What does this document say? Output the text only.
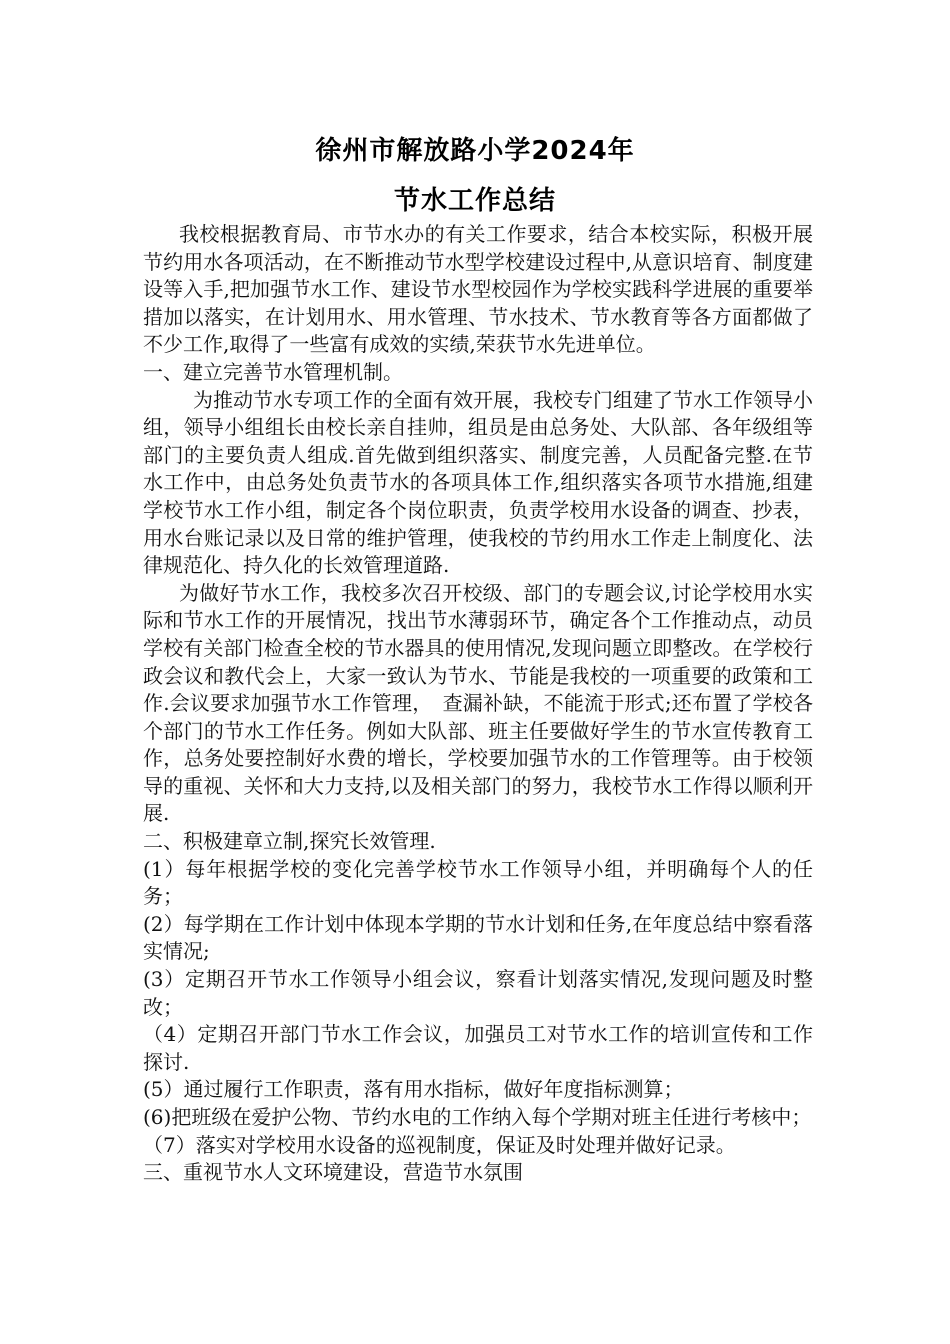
徐州市解放路小学2024年
节水工作总结

我校根据教育局、市节水办的有关工作要求，结合本校实际，积极开展节约用水各项活动，在不断推动节水型学校建设过程中,从意识培育、制度建设等入手,把加强节水工作、建设节水型校园作为学校实践科学进展的重要举措加以落实，在计划用水、用水管理、节水技术、节水教育等各方面都做了不少工作,取得了一些富有成效的实绩,荣获节水先进单位。

一、建立完善节水管理机制。

为推动节水专项工作的全面有效开展，我校专门组建了节水工作领导小组，领导小组组长由校长亲自挂帅，组员是由总务处、大队部、各年级组等部门的主要负责人组成.首先做到组织落实、制度完善，人员配备完整.在节水工作中，由总务处负责节水的各项具体工作,组织落实各项节水措施,组建学校节水工作小组，制定各个岗位职责，负责学校用水设备的调查、抄表，用水台账记录以及日常的维护管理，使我校的节约用水工作走上制度化、法律规范化、持久化的长效管理道路.

为做好节水工作，我校多次召开校级、部门的专题会议,讨论学校用水实际和节水工作的开展情况，找出节水薄弱环节，确定各个工作推动点，动员学校有关部门检查全校的节水器具的使用情况,发现问题立即整改。在学校行政会议和教代会上，大家一致认为节水、节能是我校的一项重要的政策和工作.会议要求加强节水工作管理，　查漏补缺，不能流于形式;还布置了学校各个部门的节水工作任务。例如大队部、班主任要做好学生的节水宣传教育工作，总务处要控制好水费的增长，学校要加强节水的工作管理等。由于校领导的重视、关怀和大力支持,以及相关部门的努力，我校节水工作得以顺利开展.

二、积极建章立制,探究长效管理.

(1）每年根据学校的变化完善学校节水工作领导小组，并明确每个人的任务；

(2）每学期在工作计划中体现本学期的节水计划和任务,在年度总结中察看落实情况;

(3）定期召开节水工作领导小组会议，察看计划落实情况,发现问题及时整改；

（4）定期召开部门节水工作会议，加强员工对节水工作的培训宣传和工作探讨.

(5）通过履行工作职责，落有用水指标，做好年度指标测算；

(6)把班级在爱护公物、节约水电的工作纳入每个学期对班主任进行考核中；

（7）落实对学校用水设备的巡视制度，保证及时处理并做好记录。

三、重视节水人文环境建设，营造节水氛围
